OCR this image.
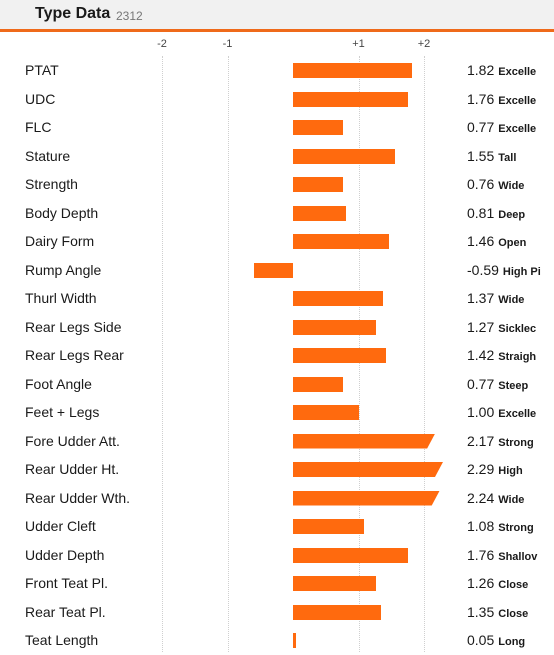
Type Data 2312
-2	-1	+1	+2
PTAT	1.82 Excelle
UDC	1.76 Excelle
FLC	0.77 Excelle
Stature	1.55 Tall
Strength	0.76 Wide
Body Depth	0.81 Deep
Dairy Form	1.46 Open
Rump Angle	-0.59 High Pi
Thurl Width	1.37 Wide
Rear Legs Side	1.27 Sicklec
Rear Legs Rear	1.42 Straigh
Foot Angle	0.77 Steep
Feet + Legs	1.00 Excelle
Fore Udder Att.	2.17 Strong
Rear Udder Ht.	2.29 High
Rear Udder Wth.	2.24 Wide
Udder Cleft	1.08 Strong
Udder Depth	1.76 Shallov
Front Teat Pl.	1.26 Close
Rear Teat Pl.	1.35 Close
Teat Length	0.05 Long
